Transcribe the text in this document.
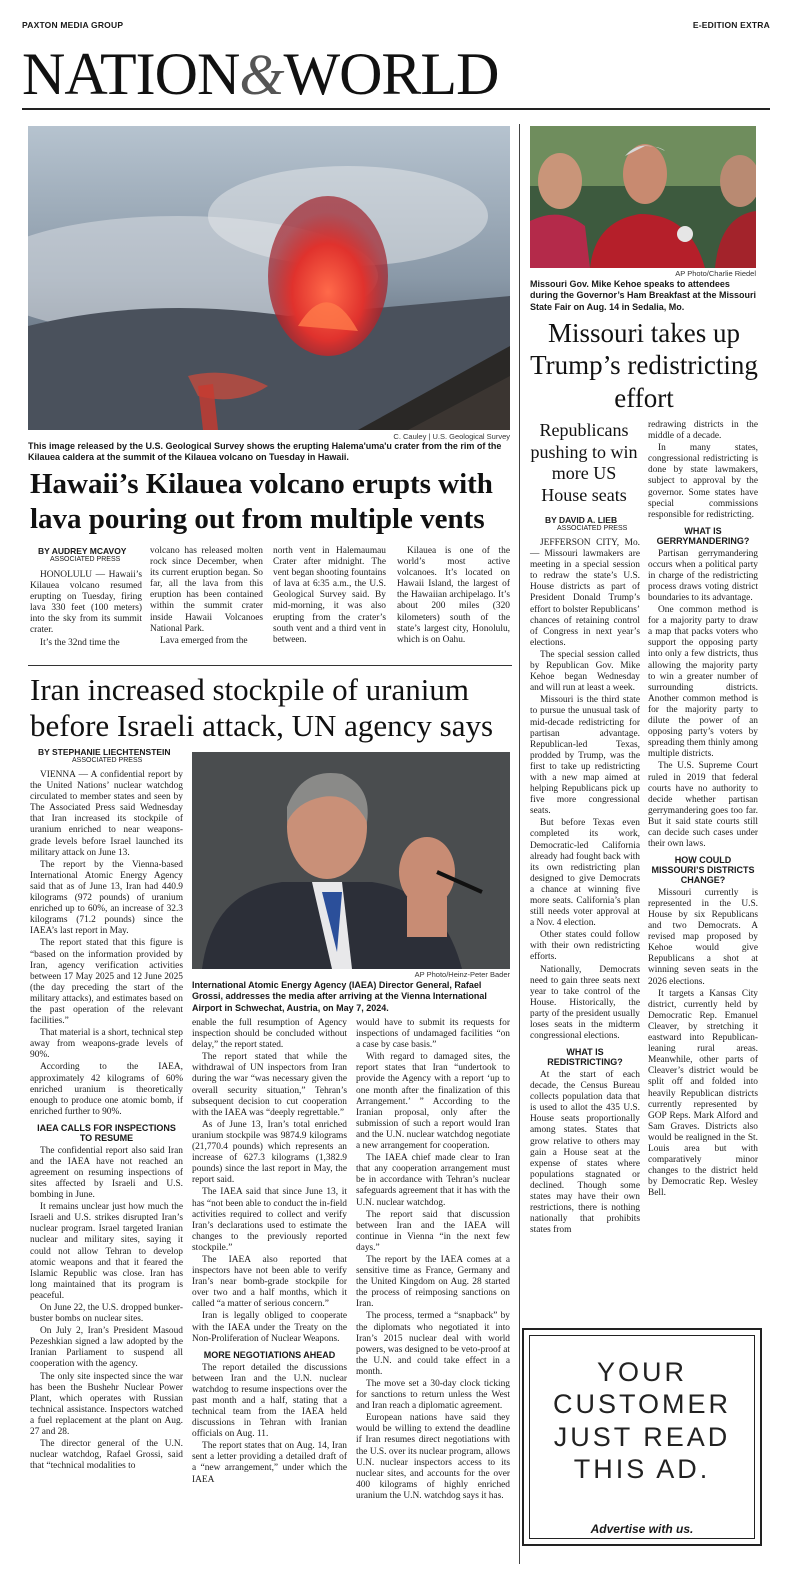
PAXTON MEDIA GROUP	E-EDITION EXTRA
NATION&WORLD
C. Cauley | U.S. Geological Survey
This image released by the U.S. Geological Survey shows the erupting Halema'uma'u crater from the rim of the Kilauea caldera at the summit of the Kilauea volcano on Tuesday in Hawaii.
Hawaii’s Kilauea volcano erupts with lava pouring out from multiple vents
BY AUDREY MCAVOY
ASSOCIATED PRESS

HONOLULU — Hawaii’s Kilauea volcano resumed erupting on Tuesday, firing lava 330 feet (100 meters) into the sky from its summit crater.

It’s the 32nd time the

volcano has released molten rock since December, when its current eruption began. So far, all the lava from this eruption has been contained within the summit crater inside Hawaii Volcanoes National Park.

Lava emerged from the

north vent in Halemaumau Crater after midnight. The vent began shooting fountains of lava at 6:35 a.m., the U.S. Geological Survey said. By mid-morning, it was also erupting from the crater’s south vent and a third vent in between.

Kilauea is one of the world’s most active volcanoes. It’s located on Hawaii Island, the largest of the Hawaiian archipelago. It’s about 200 miles (320 kilometers) south of the state’s largest city, Honolulu, which is on Oahu.

Iran increased stockpile of uranium before Israeli attack, UN agency says
BY STEPHANIE LIECHTENSTEIN
ASSOCIATED PRESS
AP Photo/Heinz-Peter Bader
International Atomic Energy Agency (IAEA) Director General, Rafael Grossi, addresses the media after arriving at the Vienna International Airport in Schwechat, Austria, on May 7, 2024.

VIENNA — A confidential report by the United Nations’ nuclear watchdog circulated to member states and seen by The Associated Press said Wednesday that Iran increased its stockpile of uranium enriched to near weapons-grade levels before Israel launched its military attack on June 13.

The report by the Vienna-based International Atomic Energy Agency said that as of June 13, Iran had 440.9 kilograms (972 pounds) of uranium enriched up to 60%, an increase of 32.3 kilograms (71.2 pounds) since the IAEA’s last report in May.

The report stated that this figure is “based on the information provided by Iran, agency verification activities between 17 May 2025 and 12 June 2025 (the day preceding the start of the military attacks), and estimates based on the past operation of the relevant facilities.”

That material is a short, technical step away from weapons-grade levels of 90%.

According to the IAEA, approximately 42 kilograms of 60% enriched uranium is theoretically enough to produce one atomic bomb, if enriched further to 90%.

IAEA CALLS FOR INSPECTIONS TO RESUME

The confidential report also said Iran and the IAEA have not reached an agreement on resuming inspections of sites affected by Israeli and U.S. bombing in June.

It remains unclear just how much the Israeli and U.S. strikes disrupted Iran’s nuclear program. Israel targeted Iranian nuclear and military sites, saying it could not allow Tehran to develop atomic weapons and that it feared the Islamic Republic was close. Iran has long maintained that its program is peaceful.

On June 22, the U.S. dropped bunker-buster bombs on nuclear sites.

On July 2, Iran’s President Masoud Pezeshkian signed a law adopted by the Iranian Parliament to suspend all cooperation with the agency.

The only site inspected since the war has been the Bushehr Nuclear Power Plant, which operates with Russian technical assistance. Inspectors watched a fuel replacement at the plant on Aug. 27 and 28.

The director general of the U.N. nuclear watchdog, Rafael Grossi, said that “technical modalities to

enable the full resumption of Agency inspection should be concluded without delay,” the report stated.

The report stated that while the withdrawal of UN inspectors from Iran during the war “was necessary given the overall security situation,” Tehran’s subsequent decision to cut cooperation with the IAEA was “deeply regrettable.”

As of June 13, Iran’s total enriched uranium stockpile was 9874.9 kilograms (21,770.4 pounds) which represents an increase of 627.3 kilograms (1,382.9 pounds) since the last report in May, the report said.

The IAEA said that since June 13, it has “not been able to conduct the in-field activities required to collect and verify Iran’s declarations used to estimate the changes to the previously reported stockpile.”

The IAEA also reported that inspectors have not been able to verify Iran’s near bomb-grade stockpile for over two and a half months, which it called “a matter of serious concern.”

Iran is legally obliged to cooperate with the IAEA under the Treaty on the Non-Proliferation of Nuclear Weapons.

MORE NEGOTIATIONS AHEAD

The report detailed the discussions between Iran and the U.N. nuclear watchdog to resume inspections over the past month and a half, stating that a technical team from the IAEA held discussions in Tehran with Iranian officials on Aug. 11.

The report states that on Aug. 14, Iran sent a letter providing a detailed draft of a “new arrangement,” under which the IAEA

would have to submit its requests for inspections of undamaged facilities “on a case by case basis.”

With regard to damaged sites, the report states that Iran “undertook to provide the Agency with a report ‘up to one month after the finalization of this Arrangement.’ ” According to the Iranian proposal, only after the submission of such a report would Iran and the U.N. nuclear watchdog negotiate a new arrangement for cooperation.

The IAEA chief made clear to Iran that any cooperation arrangement must be in accordance with Tehran’s nuclear safeguards agreement that it has with the U.N. nuclear watchdog.

The report said that discussion between Iran and the IAEA will continue in Vienna “in the next few days.”

The report by the IAEA comes at a sensitive time as France, Germany and the United Kingdom on Aug. 28 started the process of reimposing sanctions on Iran.

The process, termed a “snapback” by the diplomats who negotiated it into Iran’s 2015 nuclear deal with world powers, was designed to be veto-proof at the U.N. and could take effect in a month.

The move set a 30-day clock ticking for sanctions to return unless the West and Iran reach a diplomatic agreement.

European nations have said they would be willing to extend the deadline if Iran resumes direct negotiations with the U.S. over its nuclear program, allows U.N. nuclear inspectors access to its nuclear sites, and accounts for the over 400 kilograms of highly enriched uranium the U.N. watchdog says it has.

AP Photo/Charlie Riedel
Missouri Gov. Mike Kehoe speaks to attendees during the Governor’s Ham Breakfast at the Missouri State Fair on Aug. 14 in Sedalia, Mo.
Missouri takes up Trump’s redistricting effort
Republicans pushing to win more US House seats
BY DAVID A. LIEB
ASSOCIATED PRESS

JEFFERSON CITY, Mo. — Missouri lawmakers are meeting in a special session to redraw the state’s U.S. House districts as part of President Donald Trump’s effort to bolster Republicans’ chances of retaining control of Congress in next year’s elections.

The special session called by Republican Gov. Mike Kehoe began Wednesday and will run at least a week.

Missouri is the third state to pursue the unusual task of mid-decade redistricting for partisan advantage. Republican-led Texas, prodded by Trump, was the first to take up redistricting with a new map aimed at helping Republicans pick up five more congressional seats.

But before Texas even completed its work, Democratic-led California already had fought back with its own redistricting plan designed to give Democrats a chance at winning five more seats. California’s plan still needs voter approval at a Nov. 4 election.

Other states could follow with their own redistricting efforts.

Nationally, Democrats need to gain three seats next year to take control of the House. Historically, the party of the president usually loses seats in the midterm congressional elections.

WHAT IS REDISTRICTING?

At the start of each decade, the Census Bureau collects population data that is used to allot the 435 U.S. House seats proportionally among states. States that grow relative to others may gain a House seat at the expense of states where populations stagnated or declined. Though some states may have their own restrictions, there is nothing nationally that prohibits states from

redrawing districts in the middle of a decade.

In many states, congressional redistricting is done by state lawmakers, subject to approval by the governor. Some states have special commissions responsible for redistricting.

WHAT IS GERRYMANDERING?

Partisan gerrymandering occurs when a political party in charge of the redistricting process draws voting district boundaries to its advantage.

One common method is for a majority party to draw a map that packs voters who support the opposing party into only a few districts, thus allowing the majority party to win a greater number of surrounding districts. Another common method is for the majority party to dilute the power of an opposing party’s voters by spreading them thinly among multiple districts.

The U.S. Supreme Court ruled in 2019 that federal courts have no authority to decide whether partisan gerrymandering goes too far. But it said state courts still can decide such cases under their own laws.

HOW COULD MISSOURI’S DISTRICTS CHANGE?

Missouri currently is represented in the U.S. House by six Republicans and two Democrats. A revised map proposed by Kehoe would give Republicans a shot at winning seven seats in the 2026 elections.

It targets a Kansas City district, currently held by Democratic Rep. Emanuel Cleaver, by stretching it eastward into Republican-leaning rural areas. Meanwhile, other parts of Cleaver’s district would be split off and folded into heavily Republican districts currently represented by GOP Reps. Mark Alford and Sam Graves. Districts also would be realigned in the St. Louis area but with comparatively minor changes to the district held by Democratic Rep. Wesley Bell.

YOUR
CUSTOMER
JUST READ
THIS AD.
Advertise with us.
